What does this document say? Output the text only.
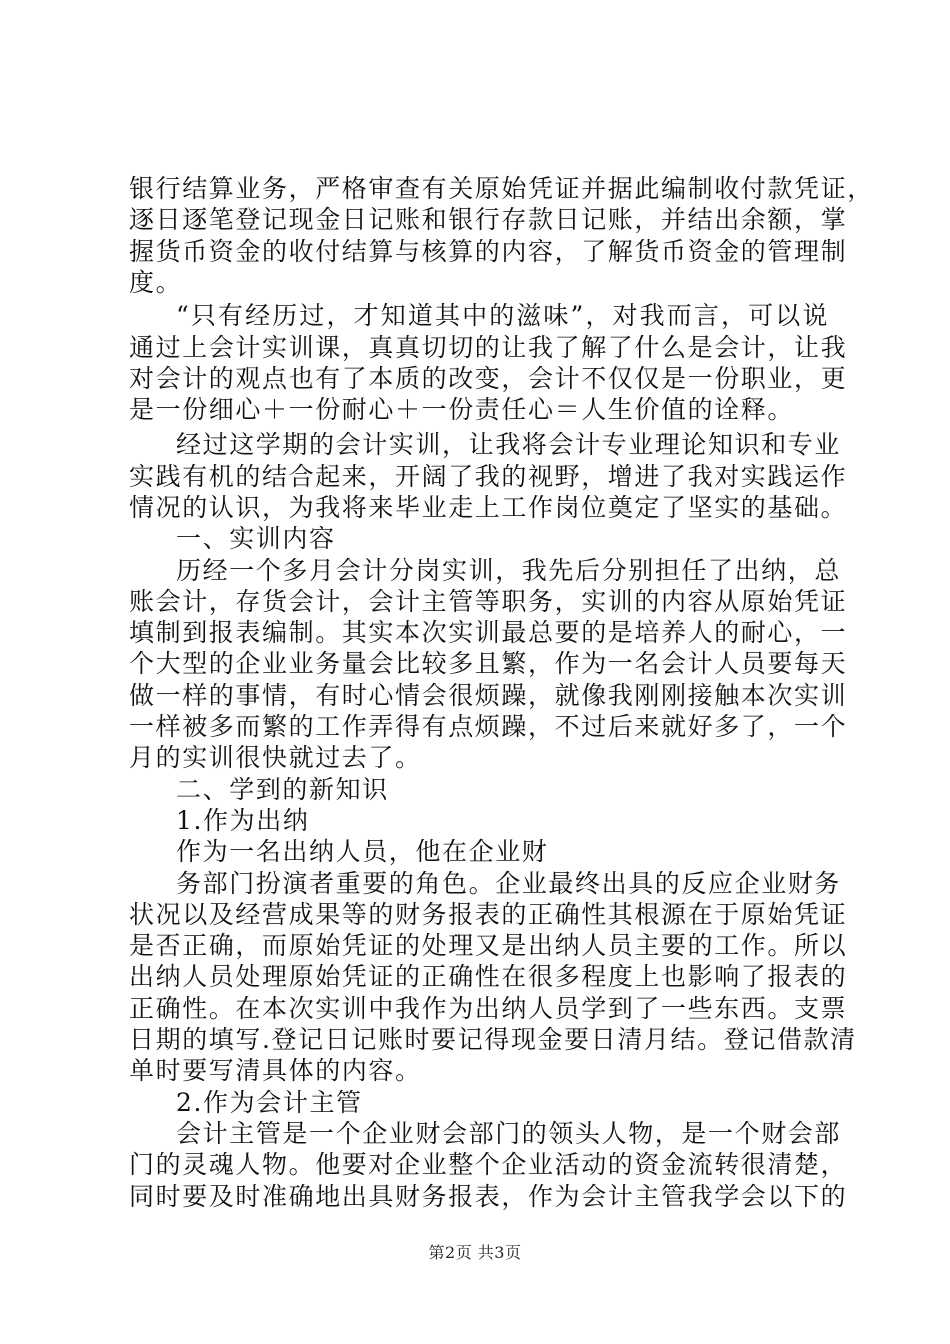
银行结算业务，严格审查有关原始凭证并据此编制收付款凭证，
逐日逐笔登记现金日记账和银行存款日记账，并结出余额，掌
握货币资金的收付结算与核算的内容，了解货币资金的管理制
度。
“只有经历过，才知道其中的滋味”，对我而言，可以说
通过上会计实训课，真真切切的让我了解了什么是会计，让我
对会计的观点也有了本质的改变，会计不仅仅是一份职业，更
是一份细心＋一份耐心＋一份责任心＝人生价值的诠释。
经过这学期的会计实训，让我将会计专业理论知识和专业
实践有机的结合起来，开阔了我的视野，增进了我对实践运作
情况的认识，为我将来毕业走上工作岗位奠定了坚实的基础。
一、实训内容
历经一个多月会计分岗实训，我先后分别担任了出纳，总
账会计，存货会计，会计主管等职务，实训的内容从原始凭证
填制到报表编制。其实本次实训最总要的是培养人的耐心，一
个大型的企业业务量会比较多且繁，作为一名会计人员要每天
做一样的事情，有时心情会很烦躁，就像我刚刚接触本次实训
一样被多而繁的工作弄得有点烦躁，不过后来就好多了，一个
月的实训很快就过去了。
二、学到的新知识
1.作为出纳
作为一名出纳人员，他在企业财
务部门扮演者重要的角色。企业最终出具的反应企业财务
状况以及经营成果等的财务报表的正确性其根源在于原始凭证
是否正确，而原始凭证的处理又是出纳人员主要的工作。所以
出纳人员处理原始凭证的正确性在很多程度上也影响了报表的
正确性。在本次实训中我作为出纳人员学到了一些东西。支票
日期的填写.登记日记账时要记得现金要日清月结。登记借款清
单时要写清具体的内容。
2.作为会计主管
会计主管是一个企业财会部门的领头人物，是一个财会部
门的灵魂人物。他要对企业整个企业活动的资金流转很清楚，
同时要及时准确地出具财务报表，作为会计主管我学会以下的
第2页 共3页
